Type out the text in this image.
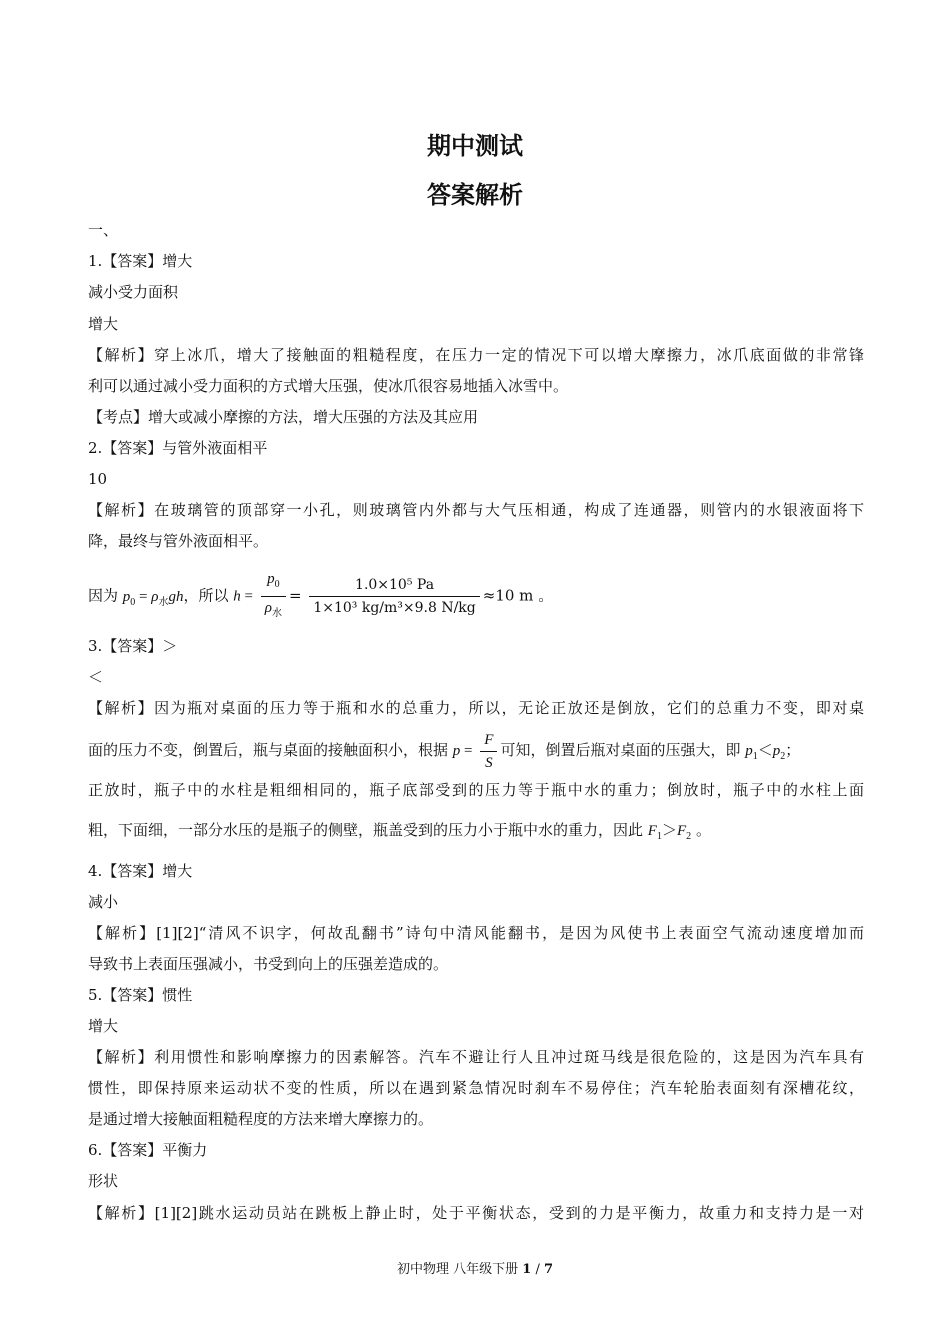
期中测试
答案解析
一、
1.【答案】增大
减小受力面积
增大
【解析】穿上冰爪，增大了接触面的粗糙程度，在压力一定的情况下可以增大摩擦力，冰爪底面做的非常锋
利可以通过减小受力面积的方式增大压强，使冰爪很容易地插入冰雪中。
【考点】增大或减小摩擦的方法，增大压强的方法及其应用
2.【答案】与管外液面相平
10
【解析】在玻璃管的顶部穿一小孔，则玻璃管内外都与大气压相通，构成了连通器，则管内的水银液面将下
降，最终与管外液面相平。
因为 $p_0 = \rho_水gh$，所以 $h = \frac{p_0}{\rho_水} = \frac{\text{1.0×10⁵ Pa}}{\text{1×10³ kg/m³×9.8 N/kg}} \approx 10$ m 。
3.【答案】＞
＜
【解析】因为瓶对桌面的压力等于瓶和水的总重力，所以，无论正放还是倒放，它们的总重力不变，即对桌
面的压力不变，倒置后，瓶与桌面的接触面积小，根据 $p = \frac{F}{S}$ 可知，倒置后瓶对桌面的压强大，即 $p_1<p_2$；
正放时，瓶子中的水柱是粗细相同的，瓶子底部受到的压力等于瓶中水的重力；倒放时，瓶子中的水柱上面
粗，下面细，一部分水压的是瓶子的侧壁，瓶盖受到的压力小于瓶中水的重力，因此 $F_1>F_2$ 。
4.【答案】增大
减小
【解析】[1][2]“清风不识字，何故乱翻书”诗句中清风能翻书，是因为风使书上表面空气流动速度增加而
导致书上表面压强减小，书受到向上的压强差造成的。
5.【答案】惯性
增大
【解析】利用惯性和影响摩擦力的因素解答。汽车不避让行人且冲过斑马线是很危险的，这是因为汽车具有
惯性，即保持原来运动状不变的性质，所以在遇到紧急情况时刹车不易停住；汽车轮胎表面刻有深槽花纹，
是通过增大接触面粗糙程度的方法来增大摩擦力的。
6.【答案】平衡力
形状
【解析】[1][2]跳水运动员站在跳板上静止时，处于平衡状态，受到的力是平衡力，故重力和支持力是一对
初中物理 八年级下册 1 / 7
